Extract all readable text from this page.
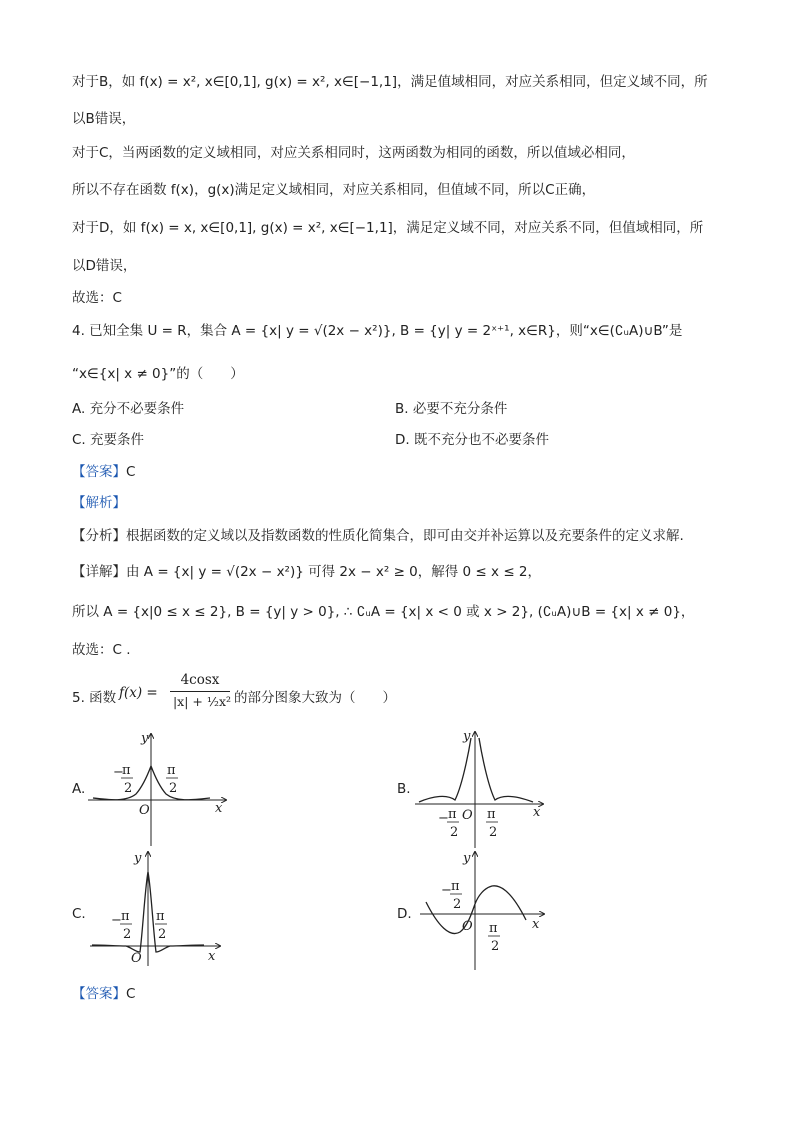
对于B，如 f(x) = x², x∈[0,1], g(x) = x², x∈[−1,1]，满足值域相同，对应关系相同，但定义域不同，所
以B错误，
对于C，当两函数的定义域相同，对应关系相同时，这两函数为相同的函数，所以值域必相同，
所以不存在函数 f(x)，g(x)满足定义域相同，对应关系相同，但值域不同，所以C正确，
对于D，如 f(x) = x, x∈[0,1], g(x) = x², x∈[−1,1]，满足定义域不同，对应关系不同，但值域相同，所
以D错误，
故选：C
4. 已知全集 U = R，集合 A = {x| y = √(2x − x²)}, B = {y| y = 2ˣ⁺¹, x∈R}，则“x∈(∁ᵤA)∪B”是
“x∈{x| x ≠ 0}”的（　　）
A. 充分不必要条件	B. 必要不充分条件
C. 充要条件	D. 既不充分也不必要条件
【答案】C
【解析】
【分析】根据函数的定义域以及指数函数的性质化简集合，即可由交并补运算以及充要条件的定义求解.
【详解】由 A = {x| y = √(2x − x²)} 可得 2x − x² ≥ 0，解得 0 ≤ x ≤ 2，
所以 A = {x|0 ≤ x ≤ 2}, B = {y| y > 0}, ∴ ∁ᵤA = {x| x < 0 或 x > 2}, (∁ᵤA)∪B = {x| x ≠ 0}，
故选：C .
5. 函数 f(x) =
4cosx
|x| + ½x² 的部分图象大致为（　　）
A.	B.
C.	D.
y
x
O
−
π
2
π
2
y
x
O
− π
2
π
2
y
x
O
− π
2
π
2
y
x
O
− π
2
π
2
【答案】C
